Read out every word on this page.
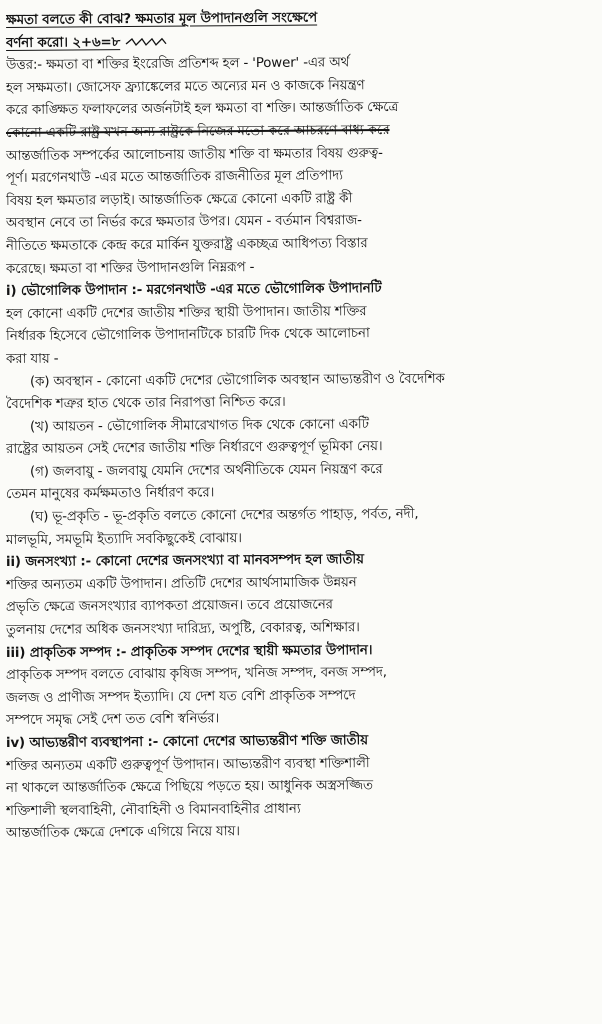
ক্ষমতা বলতে কী বোঝ? ক্ষমতার মূল উপাদানগুলি সংক্ষেপে
বর্ণনা করো। ২+৬=৮
উত্তর:- ক্ষমতা বা শক্তির ইংরেজি প্রতিশব্দ হল - 'Power' -এর অর্থ
হল সক্ষমতা। জোসেফ ফ্র্যাঙ্কেলের মতে অন্যের মন ও কাজকে নিয়ন্ত্রণ
করে কাঙ্ক্ষিত ফলাফলের অর্জনটাই হল ক্ষমতা বা শক্তি। আন্তর্জাতিক ক্ষেত্রে
কোনো একটি রাষ্ট্র যখন অন্য রাষ্ট্রকে নিজের মতো করে আচরণে বাধ্য করে
আন্তর্জাতিক সম্পর্কের আলোচনায় জাতীয় শক্তি বা ক্ষমতার বিষয় গুরুত্ব-
পূর্ণ। মরগেনথাউ -এর মতে আন্তর্জাতিক রাজনীতির মূল প্রতিপাদ্য
বিষয় হল ক্ষমতার লড়াই। আন্তর্জাতিক ক্ষেত্রে কোনো একটি রাষ্ট্র কী
অবস্থান নেবে তা নির্ভর করে ক্ষমতার উপর। যেমন - বর্তমান বিশ্বরাজ-
নীতিতে ক্ষমতাকে কেন্দ্র করে মার্কিন যুক্তরাষ্ট্র একচ্ছত্র আধিপত্য বিস্তার
করেছে। ক্ষমতা বা শক্তির উপাদানগুলি নিম্নরূপ -
i) ভৌগোলিক উপাদান :- মরগেনথাউ -এর মতে ভৌগোলিক উপাদানটি
হল কোনো একটি দেশের জাতীয় শক্তির স্থায়ী উপাদান। জাতীয় শক্তির
নির্ধারক হিসেবে ভৌগোলিক উপাদানটিকে চারটি দিক থেকে আলোচনা
করা যায় -
(ক) অবস্থান - কোনো একটি দেশের ভৌগোলিক অবস্থান আভ্যন্তরীণ ও বৈদেশিক
বৈদেশিক শত্রুর হাত থেকে তার নিরাপত্তা নিশ্চিত করে।
(খ) আয়তন - ভৌগোলিক সীমারেখাগত দিক থেকে কোনো একটি
রাষ্ট্রের আয়তন সেই দেশের জাতীয় শক্তি নির্ধারণে গুরুত্বপূর্ণ ভূমিকা নেয়।
(গ) জলবায়ু - জলবায়ু যেমনি দেশের অর্থনীতিকে যেমন নিয়ন্ত্রণ করে
তেমন মানুষের কর্মক্ষমতাও নির্ধারণ করে।
(ঘ) ভূ-প্রকৃতি - ভূ-প্রকৃতি বলতে কোনো দেশের অন্তর্গত পাহাড়, পর্বত, নদী,
মালভূমি, সমভূমি ইত্যাদি সবকিছুকেই বোঝায়।
ii) জনসংখ্যা :- কোনো দেশের জনসংখ্যা বা মানবসম্পদ হল জাতীয়
শক্তির অন্যতম একটি উপাদান। প্রতিটি দেশের আর্থসামাজিক উন্নয়ন
প্রভৃতি ক্ষেত্রে জনসংখ্যার ব্যাপকতা প্রয়োজন। তবে প্রয়োজনের
তুলনায় দেশের অধিক জনসংখ্যা দারিদ্র্য, অপুষ্টি, বেকারত্ব, অশিক্ষার।
iii) প্রাকৃতিক সম্পদ :- প্রাকৃতিক সম্পদ দেশের স্থায়ী ক্ষমতার উপাদান।
প্রাকৃতিক সম্পদ বলতে বোঝায় কৃষিজ সম্পদ, খনিজ সম্পদ, বনজ সম্পদ,
জলজ ও প্রাণীজ সম্পদ ইত্যাদি। যে দেশ যত বেশি প্রাকৃতিক সম্পদে
সম্পদে সমৃদ্ধ সেই দেশ তত বেশি স্বনির্ভর।
iv) আভ্যন্তরীণ ব্যবস্থাপনা :- কোনো দেশের আভ্যন্তরীণ শক্তি জাতীয়
শক্তির অন্যতম একটি গুরুত্বপূর্ণ উপাদান। আভ্যন্তরীণ ব্যবস্থা শক্তিশালী
না থাকলে আন্তর্জাতিক ক্ষেত্রে পিছিয়ে পড়তে হয়। আধুনিক অস্ত্রসজ্জিত
শক্তিশালী স্থলবাহিনী, নৌবাহিনী ও বিমানবাহিনীর প্রাধান্য
আন্তর্জাতিক ক্ষেত্রে দেশকে এগিয়ে নিয়ে যায়।
